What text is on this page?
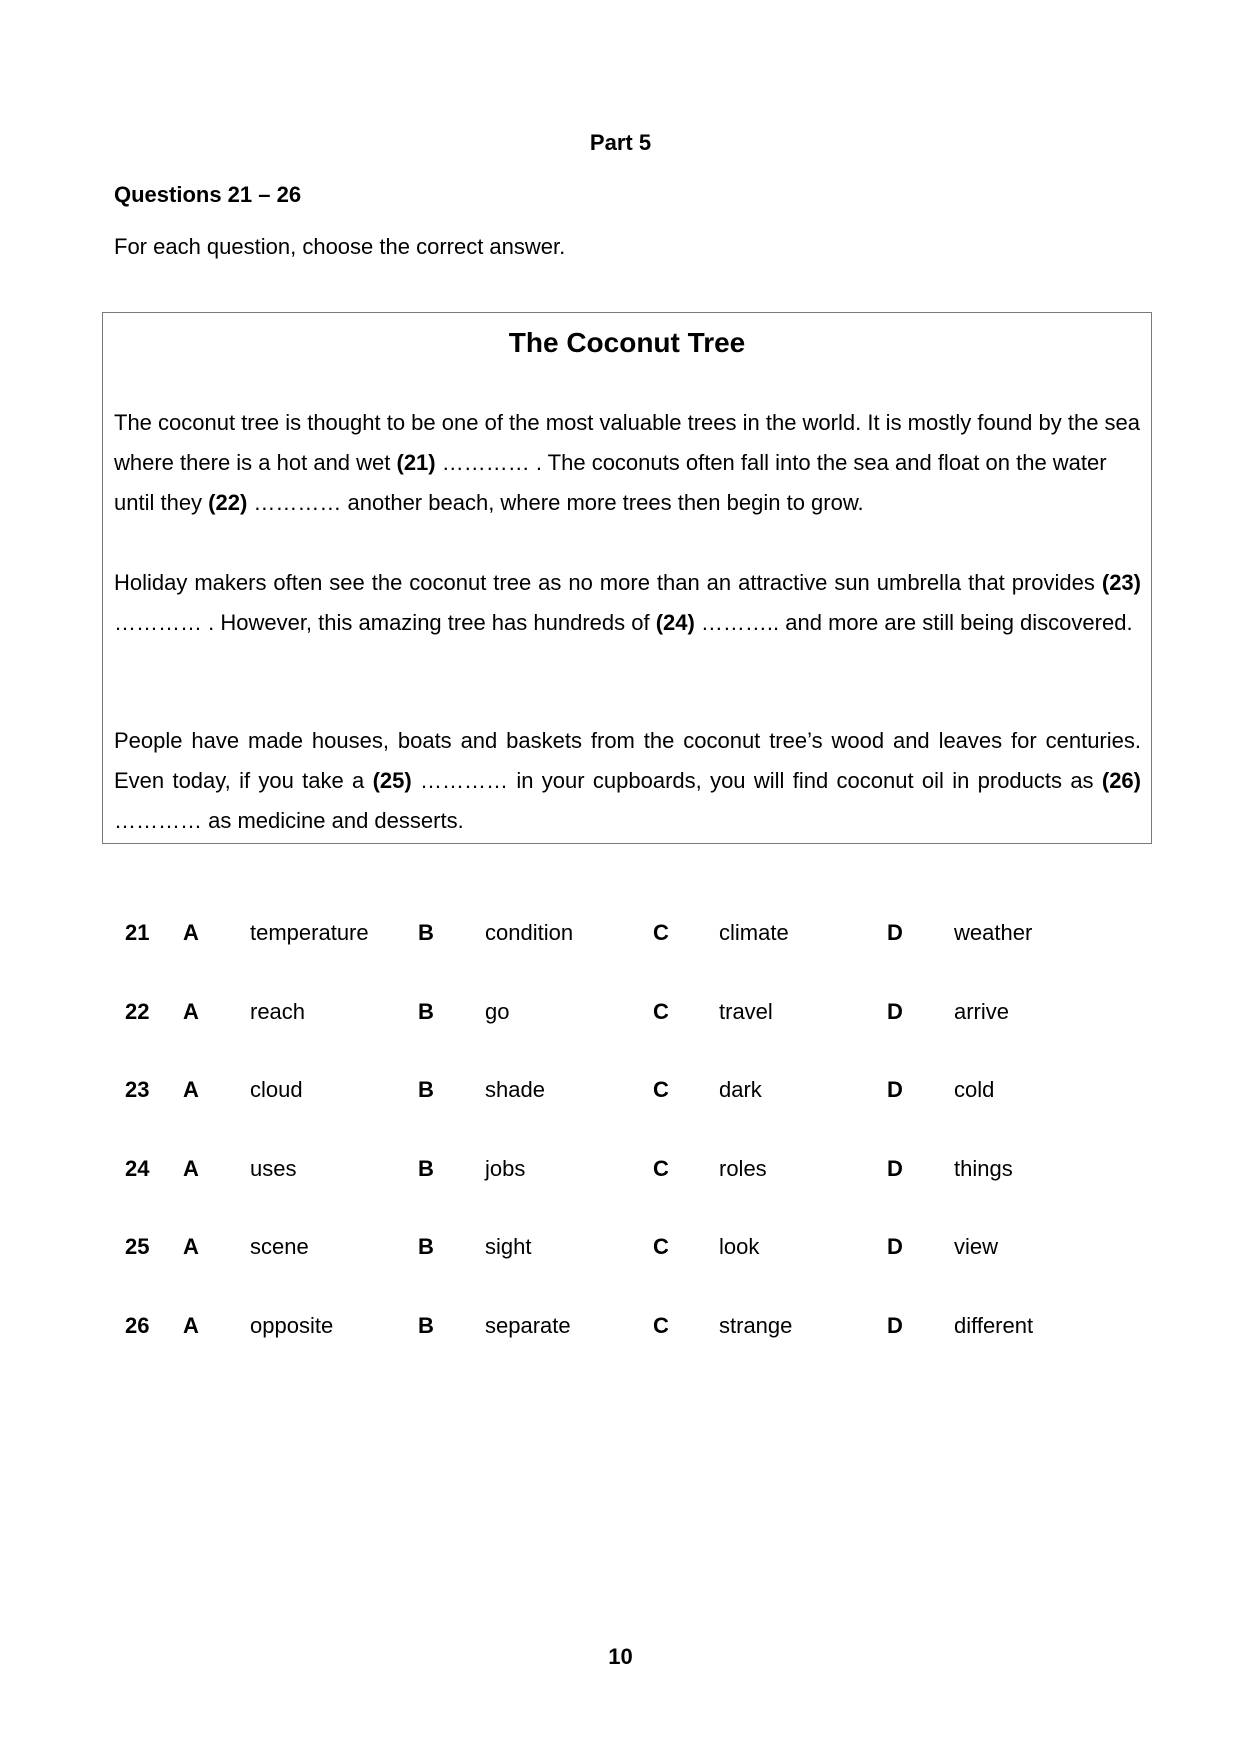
Part 5
Questions 21 – 26
For each question, choose the correct answer.
The Coconut Tree
The coconut tree is thought to be one of the most valuable trees in the world. It is mostly found by the sea where there is a hot and wet (21) ………… . The coconuts often fall into the sea and float on the water until they (22) ………… another beach, where more trees then begin to grow.
Holiday makers often see the coconut tree as no more than an attractive sun umbrella that provides (23) ………… . However, this amazing tree has hundreds of (24) ……….. and more are still being discovered.
People have made houses, boats and baskets from the coconut tree’s wood and leaves for centuries. Even today, if you take a (25) ………… in your cupboards, you will find coconut oil in products as (26) ………… as medicine and desserts.
21 A temperature B condition	C climate	D weather
22 A reach	B go	C travel	D arrive
23 A cloud	B shade	C dark	D cold
24 A uses	B jobs	C roles	D things
25 A scene	B sight	C look	D view
26 A opposite	B separate	C strange	D different
10
